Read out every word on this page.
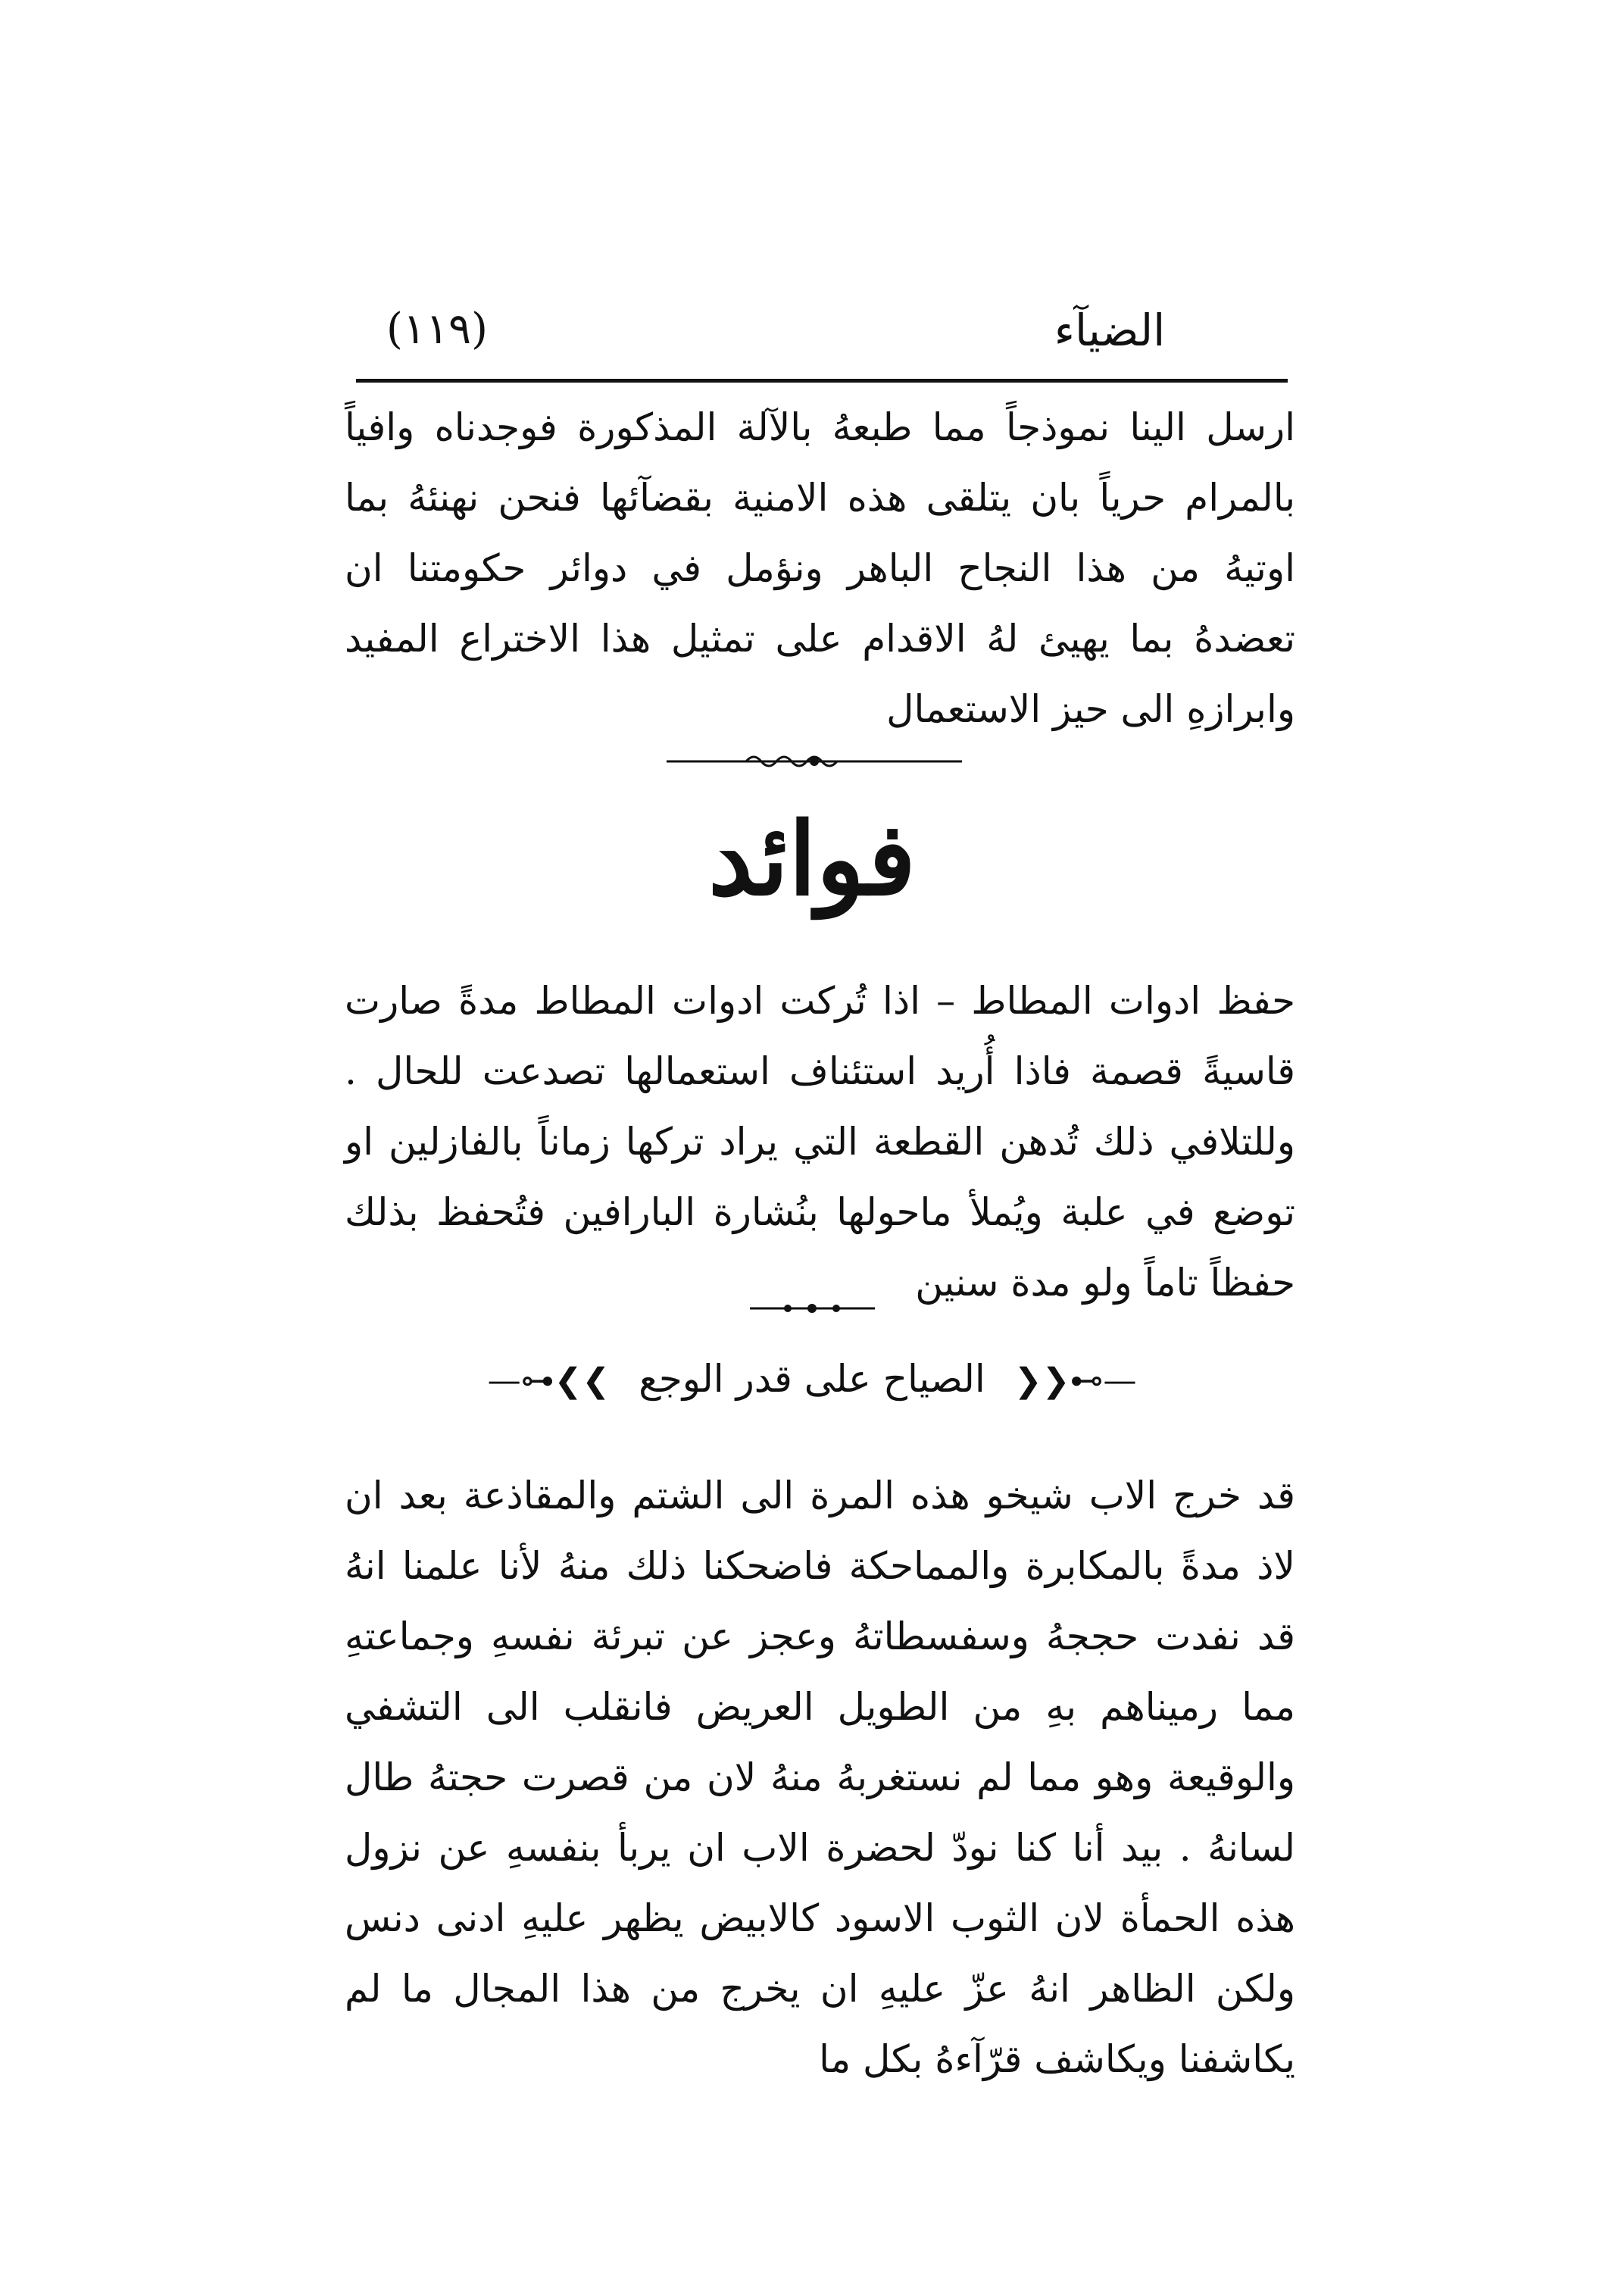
الضيآء
(١١٩)

ارسل الينا نموذجاً مما طبعهُ بالآلة المذكورة فوجدناه وافياً بالمرام حرياً بان يتلقى هذه الامنية بقضآئها فنحن نهنئهُ بما اوتيهُ من هذا النجاح الباهر ونؤمل في دوائر حكومتنا ان تعضدهُ بما يهيئ لهُ الاقدام على تمثيل هذا الاختراع المفيد وابرازهِ الى حيز الاستعمال

فوائد

حفظ ادوات المطاط – اذا تُركت ادوات المطاط مدةً صارت قاسيةً قصمة فاذا أُريد استئناف استعمالها تصدعت للحال . وللتلافي ذلك تُدهن القطعة التي يراد تركها زماناً بالفازلين او توضع في علبة ويُملأ ماحولها بنُشارة البارافين فتُحفظ بذلك حفظاً تاماً ولو مدة سنين

—⊶❮❮ الصياح على قدر الوجع ❯❯⊷—

قد خرج الاب شيخو هذه المرة الى الشتم والمقاذعة بعد ان لاذ مدةً بالمكابرة والمماحكة فاضحكنا ذلك منهُ لأنا علمنا انهُ قد نفدت حججهُ وسفسطاتهُ وعجز عن تبرئة نفسهِ وجماعتهِ مما رميناهم بهِ من الطويل العريض فانقلب الى التشفي والوقيعة وهو مما لم نستغربهُ منهُ لان من قصرت حجتهُ طال لسانهُ . بيد أنا كنا نودّ لحضرة الاب ان يربأ بنفسهِ عن نزول هذه الحمأة لان الثوب الاسود كالابيض يظهر عليهِ ادنى دنس ولكن الظاهر انهُ عزّ عليهِ ان يخرج من هذا المجال ما لم يكاشفنا ويكاشف قرّآءهُ بكل ما
